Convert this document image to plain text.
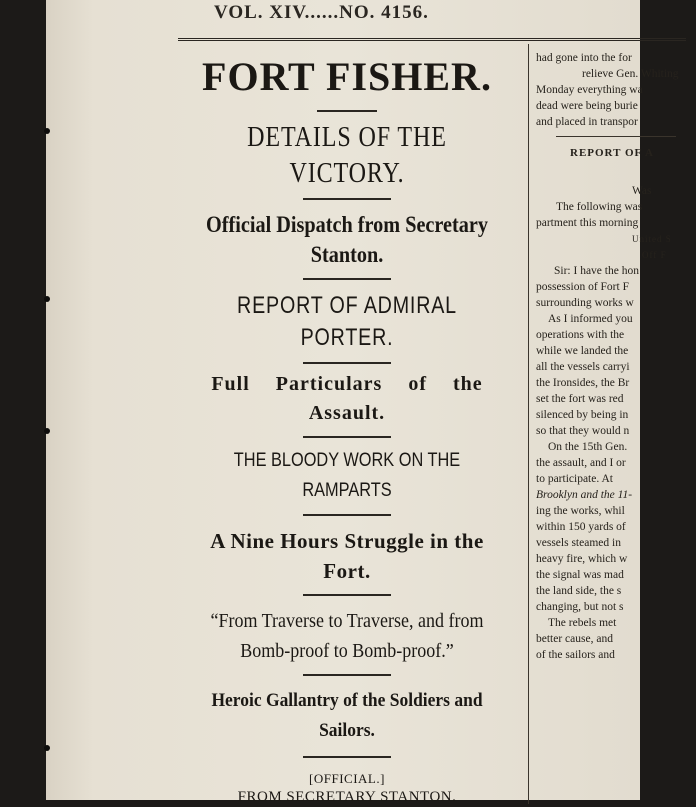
VOL. XIV......NO. 4156.

FORT FISHER.

DETAILS OF THE VICTORY.

Official Dispatch from Secretary

Stanton.

REPORT OF ADMIRAL PORTER.

Full Particulars of the

Assault.

THE BLOODY WORK ON THE RAMPARTS

A Nine Hours Struggle in the

Fort.

“From Traverse to Traverse, and from

Bomb-proof to Bomb-proof.”

Heroic Gallantry of the Soldiers and

Sailors.

[OFFICIAL.]

FROM SECRETARY STANTON.

had gone into the for
relieve Gen. Whiting
Monday everything wa
dead were being burie
and placed in transpor
REPORT OF A
Was
The following was
partment this morning
United S
Off F
Sir: I have the hon
possession of Fort F
surrounding works w
As I informed you
operations with the
while we landed the
all the vessels carryi
the Ironsides, the Br
set the fort was red
silenced by being in
so that they would n
On the 15th Gen.
the assault, and I or
to participate. At
Brooklyn and the 11-
ing the works, whil
within 150 yards of
vessels steamed in
heavy fire, which w
the signal was mad
the land side, the s
changing, but not s
The rebels met
better cause, and
of the sailors and
